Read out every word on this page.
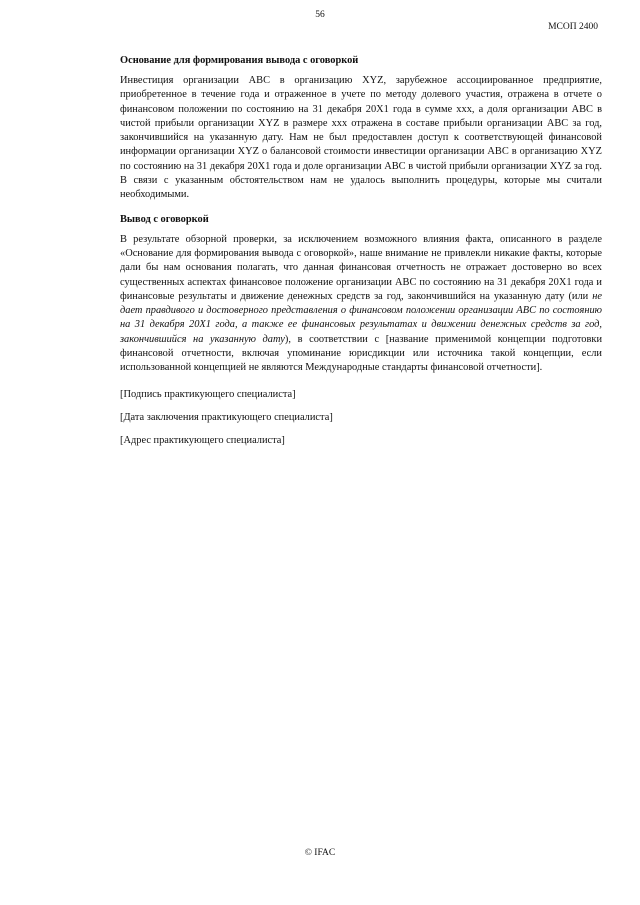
56
МСОП 2400
Основание для формирования вывода с оговоркой

Инвестиция организации ABC в организацию XYZ, зарубежное ассоциированное предприятие, приобретенное в течение года и отраженное в учете по методу долевого участия, отражена в отчете о финансовом положении по состоянию на 31 декабря 20X1 года в сумме xxx, а доля организации ABC в чистой прибыли организации XYZ в размере xxx отражена в составе прибыли организации ABC за год, закончившийся на указанную дату. Нам не был предоставлен доступ к соответствующей финансовой информации организации XYZ о балансовой стоимости инвестиции организации ABC в организацию XYZ по состоянию на 31 декабря 20X1 года и доле организации ABC в чистой прибыли организации XYZ за год. В связи с указанным обстоятельством нам не удалось выполнить процедуры, которые мы считали необходимыми.

Вывод с оговоркой

В результате обзорной проверки, за исключением возможного влияния факта, описанного в разделе «Основание для формирования вывода с оговоркой», наше внимание не привлекли никакие факты, которые дали бы нам основания полагать, что данная финансовая отчетность не отражает достоверно во всех существенных аспектах финансовое положение организации ABC по состоянию на 31 декабря 20X1 года и финансовые результаты и движение денежных средств за год, закончившийся на указанную дату (или не дает правдивого и достоверного представления о финансовом положении организации ABC по состоянию на 31 декабря 20X1 года, а также ее финансовых результатах и движении денежных средств за год, закончившийся на указанную дату), в соответствии с [название применимой концепции подготовки финансовой отчетности, включая упоминание юрисдикции или источника такой концепции, если использованной концепцией не являются Международные стандарты финансовой отчетности].

[Подпись практикующего специалиста]

[Дата заключения практикующего специалиста]

[Адрес практикующего специалиста]

© IFAC
